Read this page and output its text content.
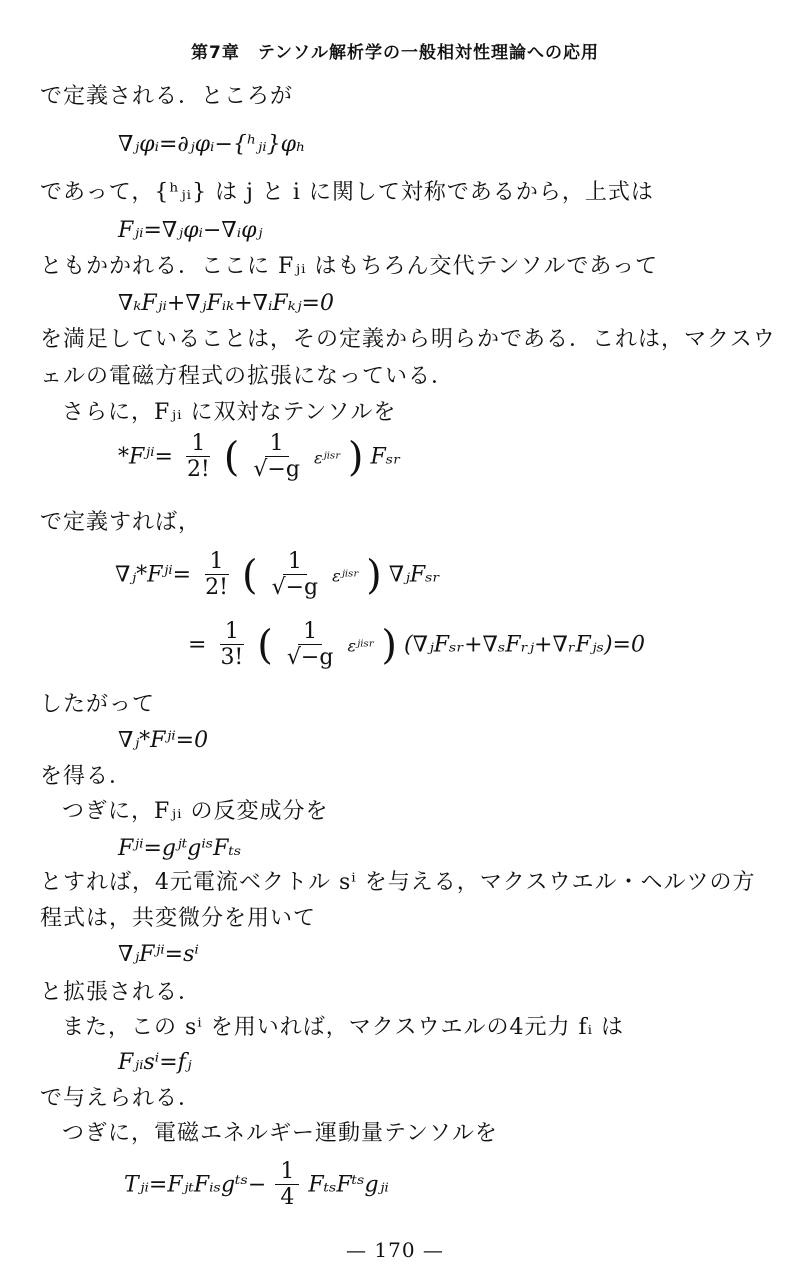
第7章　テンソル解析学の一般相対性理論への応用
で定義される．ところが
∇ⱼφᵢ=∂ⱼφᵢ−{ʰⱼᵢ}φₕ
であって，{ʰⱼᵢ} は j と i に関して対称であるから，上式は
Fⱼᵢ=∇ⱼφᵢ−∇ᵢφⱼ
ともかかれる．ここに Fⱼᵢ はもちろん交代テンソルであって
∇ₖFⱼᵢ+∇ⱼFᵢₖ+∇ᵢFₖⱼ=0
を満足していることは，その定義から明らかである．これは，マクスウ
ェルの電磁方程式の拡張になっている．
さらに，Fⱼᵢ に双対なテンソルを
*Fʲⁱ= $\frac{1}{2!}$ ( $\frac{1}{√-g}$ εʲⁱˢʳ ) Fₛᵣ
で定義すれば，
∇ⱼ*Fʲⁱ= $\frac{1}{2!}$ ( $\frac{1}{√-g}$ εʲⁱˢʳ ) ∇ⱼFₛᵣ
= $\frac{1}{3!}$ ( $\frac{1}{√-g}$ εʲⁱˢʳ ) (∇ⱼFₛᵣ+∇ₛFᵣⱼ+∇ᵣFⱼₛ)=0
したがって
∇ⱼ*Fʲⁱ=0
を得る．
つぎに，Fⱼᵢ の反変成分を
Fʲⁱ=gʲᵗgⁱˢFₜₛ
とすれば，4元電流ベクトル sⁱ を与える，マクスウエル・ヘルツの方
程式は，共変微分を用いて
∇ⱼFʲⁱ=sⁱ
と拡張される．
また，この sⁱ を用いれば，マクスウエルの4元力 fᵢ は
Fⱼᵢsⁱ=fⱼ
で与えられる．
つぎに，電磁エネルギー運動量テンソルを
Tⱼᵢ=FⱼₜFᵢₛgᵗˢ− $\frac{1}{4}$ FₜₛFᵗˢgⱼᵢ
— 170 —
